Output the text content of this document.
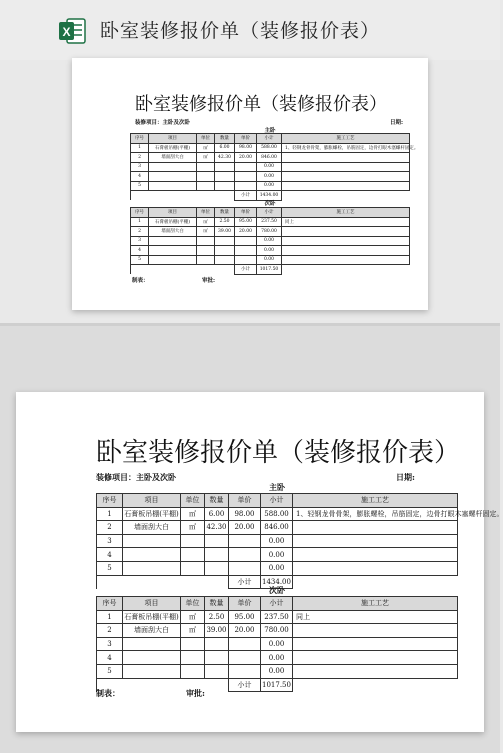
X 卧室装修报价单（装修报价表）
卧室装修报价单（装修报价表）
装修项目：主卧及次卧	日期:
主卧
序号	项目	单位	数量	单价	小计	施工工艺
1	石膏板吊棚(平棚)	㎡	6.00	98.00	588.00	1、轻钢龙骨骨架，膨胀螺栓，吊筋固定，边骨打眼木塞螺杆固定。
2	墙面刮大白	㎡	42.30	20.00	846.00	
3					0.00	
4					0.00	
5					0.00	
				小计	1434.00	
次卧
序号	项目	单位	数量	单价	小计	施工工艺
1	石膏板吊棚(平棚)	㎡	2.50	95.00	237.50	同上
2	墙面刮大白	㎡	39.00	20.00	780.00	
3					0.00	
4					0.00	
5					0.00	
				小计	1017.50	
制表：	审批:
卧室装修报价单（装修报价表）
装修项目：主卧及次卧	日期:
主卧
序号	项目	单位	数量	单价	小计	施工工艺
1	石膏板吊棚(平棚)	㎡	6.00	98.00	588.00	1、轻钢龙骨骨架，膨胀螺栓，吊筋固定，边骨打眼木塞螺杆固定。
2	墙面刮大白	㎡	42.30	20.00	846.00	
3					0.00	
4					0.00	
5					0.00	
				小计	1434.00	
次卧
序号	项目	单位	数量	单价	小计	施工工艺
1	石膏板吊棚(平棚)	㎡	2.50	95.00	237.50	同上
2	墙面刮大白	㎡	39.00	20.00	780.00	
3					0.00	
4					0.00	
5					0.00	
				小计	1017.50	
制表：	审批:
